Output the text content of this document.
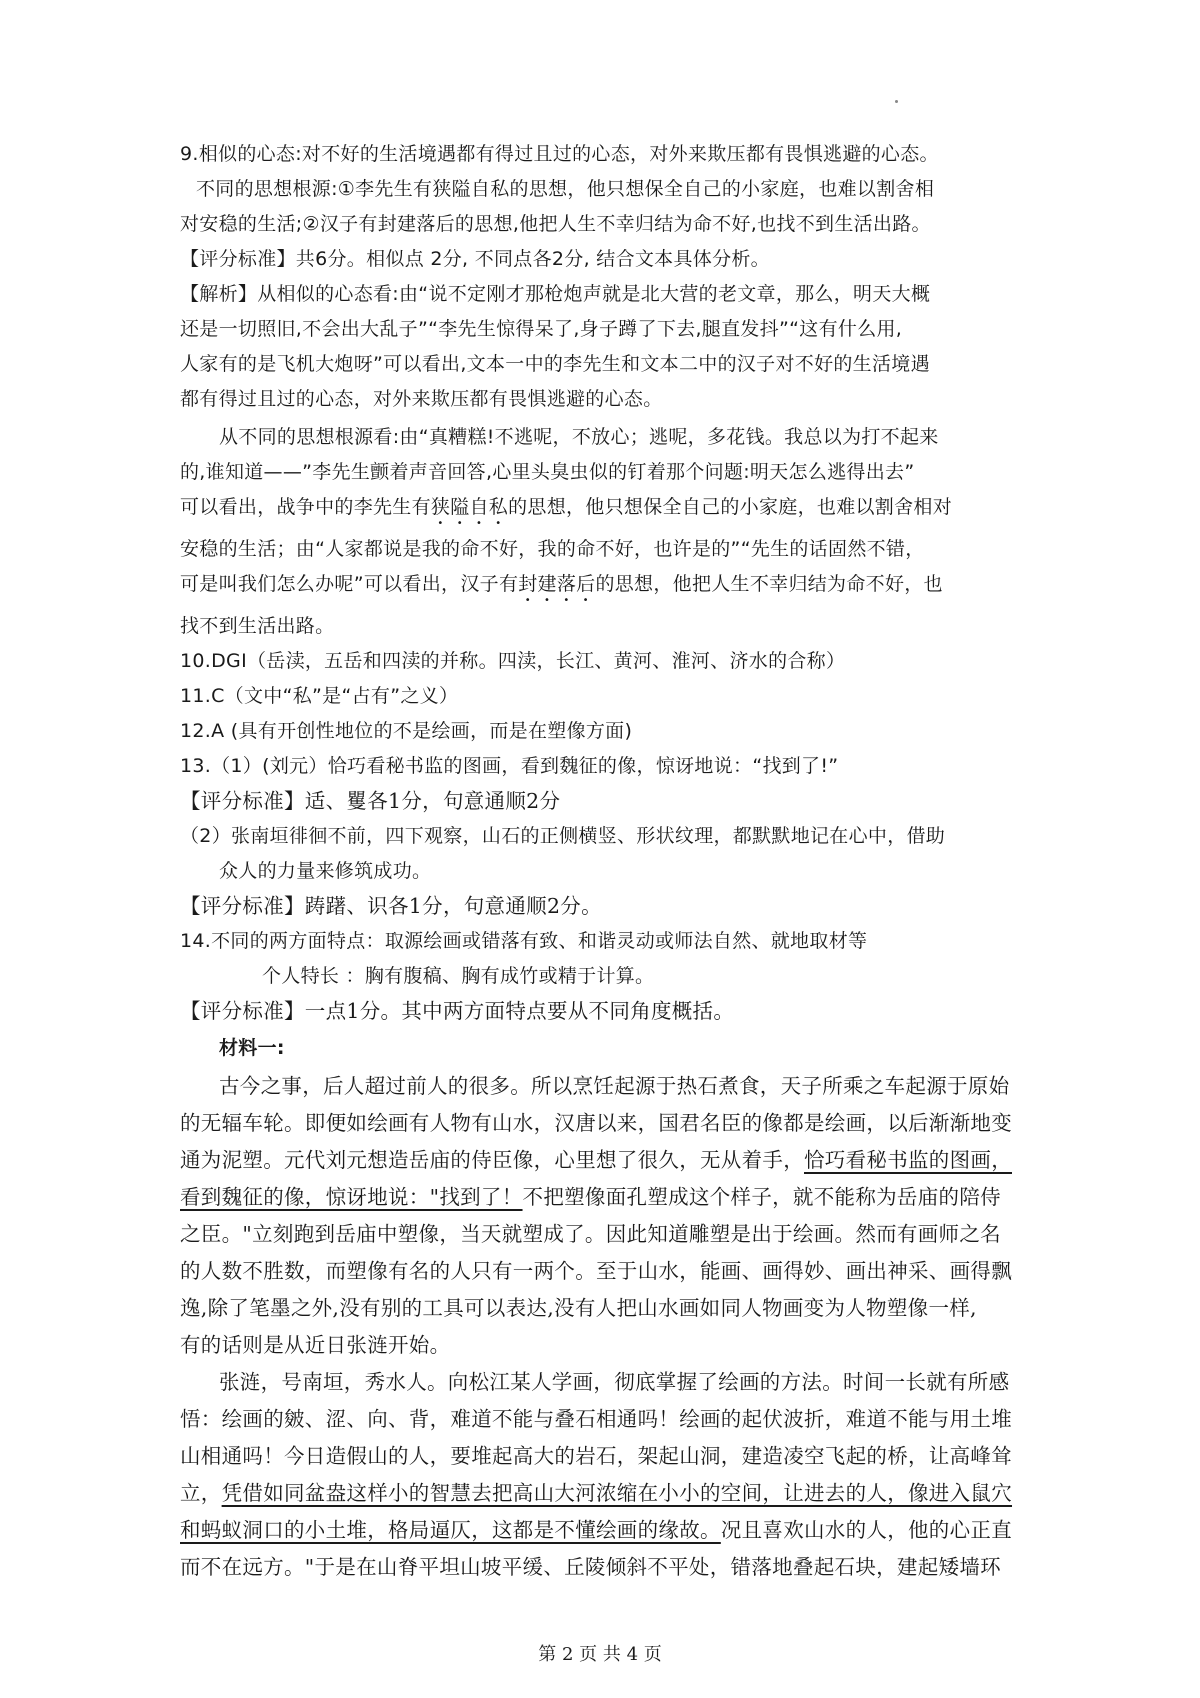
9.相似的心态:对不好的生活境遇都有得过且过的心态，对外来欺压都有畏惧逃避的心态。
不同的思想根源:①李先生有狭隘自私的思想，他只想保全自己的小家庭，也难以割舍相
对安稳的生活;②汉子有封建落后的思想,他把人生不幸归结为命不好,也找不到生活出路。
【评分标准】共6分。相似点 2分, 不同点各2分, 结合文本具体分析。
【解析】从相似的心态看:由“说不定刚才那枪炮声就是北大营的老文章，那么，明天大概
还是一切照旧,不会出大乱子”“李先生惊得呆了,身子蹲了下去,腿直发抖”“这有什么用,
人家有的是飞机大炮呀”可以看出,文本一中的李先生和文本二中的汉子对不好的生活境遇
都有得过且过的心态，对外来欺压都有畏惧逃避的心态。
从不同的思想根源看:由“真糟糕!不逃呢，不放心；逃呢，多花钱。我总以为打不起来
的,谁知道——”李先生颤着声音回答,心里头臭虫似的钉着那个问题:明天怎么逃得出去”
可以看出，战争中的李先生有狭隘自私的思想，他只想保全自己的小家庭，也难以割舍相对
安稳的生活；由“人家都说是我的命不好，我的命不好，也许是的”“先生的话固然不错，
可是叫我们怎么办呢”可以看出，汉子有封建落后的思想，他把人生不幸归结为命不好，也
找不到生活出路。
10.DGI（岳渎，五岳和四渎的并称。四渎，长江、黄河、淮河、济水的合称）
11.C（文中“私”是“占有”之义）
12.A (具有开创性地位的不是绘画，而是在塑像方面)
13.（1）(刘元）恰巧看秘书监的图画，看到魏征的像，惊讶地说：“找到了!”
【评分标准】适、矍各1分，句意通顺2分
（2）张南垣徘徊不前，四下观察，山石的正侧横竖、形状纹理，都默默地记在心中，借助
众人的力量来修筑成功。
【评分标准】踌躇、识各1分，句意通顺2分。
14.不同的两方面特点：取源绘画或错落有致、和谐灵动或师法自然、就地取材等
个人特长 ：胸有腹稿、胸有成竹或精于计算。
【评分标准】一点1分。其中两方面特点要从不同角度概括。
材料一:
古今之事，后人超过前人的很多。所以烹饪起源于热石煮食，天子所乘之车起源于原始
的无辐车轮。即便如绘画有人物有山水，汉唐以来，国君名臣的像都是绘画，以后渐渐地变
通为泥塑。元代刘元想造岳庙的侍臣像，心里想了很久，无从着手，恰巧看秘书监的图画，
看到魏征的像，惊讶地说："找到了！不把塑像面孔塑成这个样子，就不能称为岳庙的陪侍
之臣。"立刻跑到岳庙中塑像，当天就塑成了。因此知道雕塑是出于绘画。然而有画师之名
的人数不胜数，而塑像有名的人只有一两个。至于山水，能画、画得妙、画出神采、画得飘
逸,除了笔墨之外,没有别的工具可以表达,没有人把山水画如同人物画变为人物塑像一样,
有的话则是从近日张涟开始。
张涟，号南垣，秀水人。向松江某人学画，彻底掌握了绘画的方法。时间一长就有所感
悟：绘画的皴、涩、向、背，难道不能与叠石相通吗！绘画的起伏波折，难道不能与用土堆
山相通吗！今日造假山的人，要堆起高大的岩石，架起山洞，建造凌空飞起的桥，让高峰耸
立，凭借如同盆盎这样小的智慧去把高山大河浓缩在小小的空间，让进去的人，像进入鼠穴
和蚂蚁洞口的小土堆，格局逼仄，这都是不懂绘画的缘故。况且喜欢山水的人，他的心正直
而不在远方。"于是在山脊平坦山坡平缓、丘陵倾斜不平处，错落地叠起石块，建起矮墙环
第 2 页 共 4 页
